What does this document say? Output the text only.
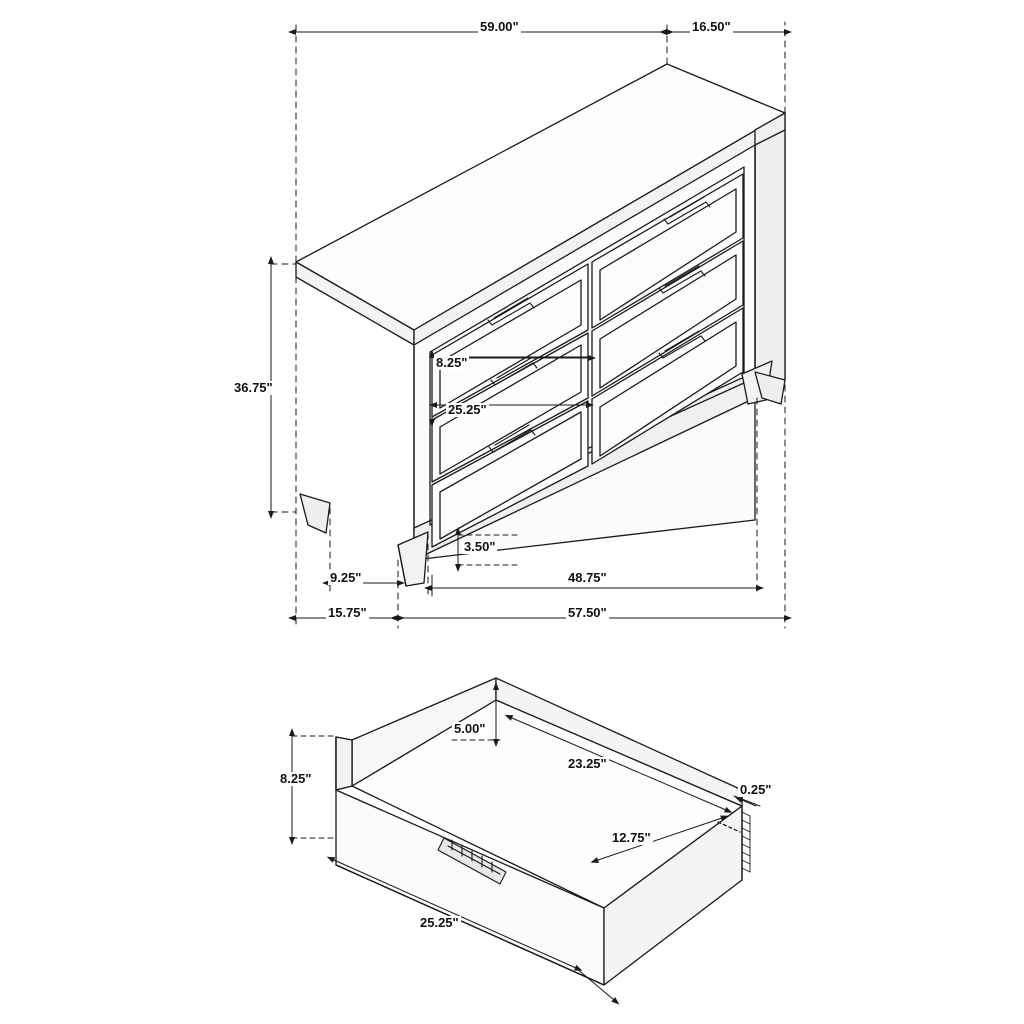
59.00"	16.50"
36.75"
8.25"
25.25"
3.50"
9.25"
15.75"
48.75"
57.50"
5.00"
8.25"
23.25"
0.25"
12.75"
25.25"
